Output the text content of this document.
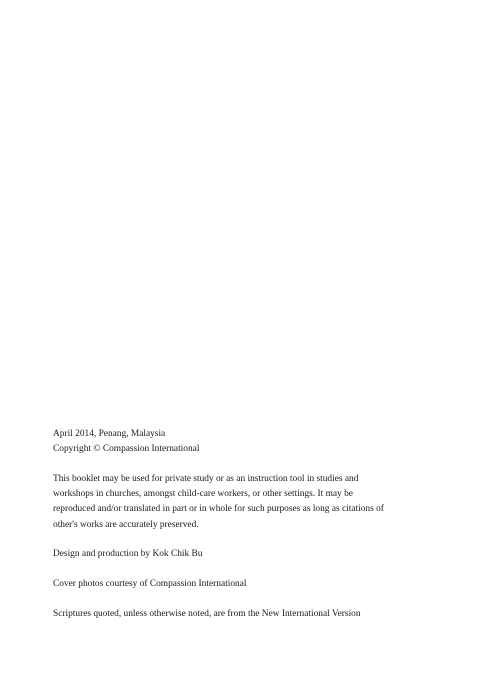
April 2014, Penang, Malaysia
Copyright © Compassion International
This booklet may be used for private study or as an instruction tool in studies and
workshops in churches, amongst child-care workers, or other settings. It may be
reproduced and/or translated in part or in whole for such purposes as long as citations of
other's works are accurately preserved.

Design and production by Kok Chik Bu

Cover photos courtesy of Compassion International

Scriptures quoted, unless otherwise noted, are from the New International Version
